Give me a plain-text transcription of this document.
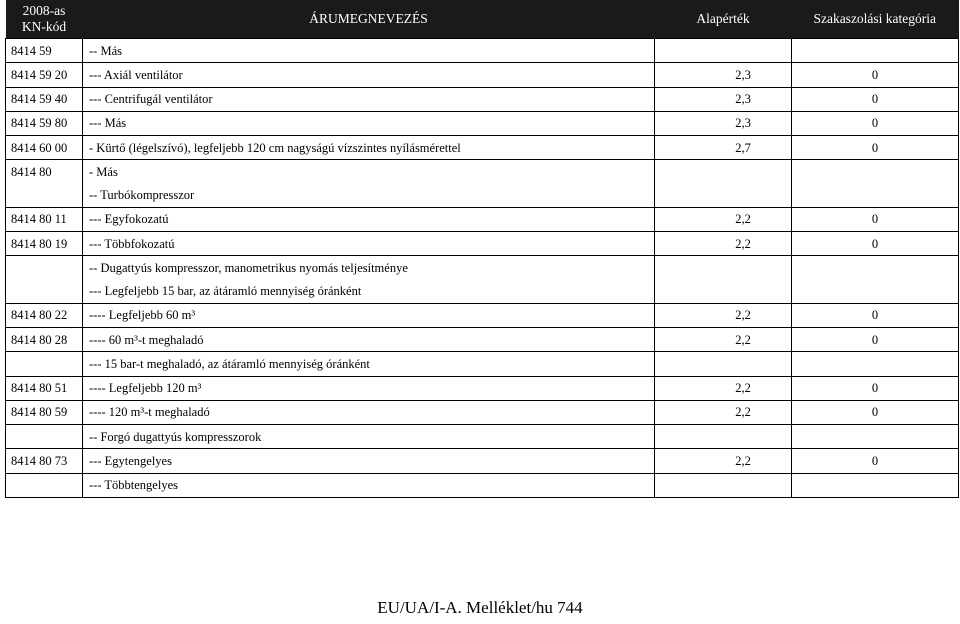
2008-as
KN-kód	ÁRUMEGNEVEZÉS	Alapérték	Szakaszolási kategória
8414 59	-- Más		
8414 59 20	--- Axiál ventilátor	2,3	0
8414 59 40	--- Centrifugál ventilátor	2,3	0
8414 59 80	--- Más	2,3	0
8414 60 00	- Kürtő (légelszívó), legfeljebb 120 cm nagyságú vízszintes nyílásmérettel	2,7	0
8414 80	- Más		
	-- Turbókompresszor		
8414 80 11	--- Egyfokozatú	2,2	0
8414 80 19	--- Többfokozatú	2,2	0
	-- Dugattyús kompresszor, manometrikus nyomás teljesítménye		
	--- Legfeljebb 15 bar, az átáramló mennyiség óránként		
8414 80 22	---- Legfeljebb 60 m³	2,2	0
8414 80 28	---- 60 m³-t meghaladó	2,2	0
	--- 15 bar-t meghaladó, az átáramló mennyiség óránként		
8414 80 51	---- Legfeljebb 120 m³	2,2	0
8414 80 59	---- 120 m³-t meghaladó	2,2	0
	-- Forgó dugattyús kompresszorok		
8414 80 73	--- Egytengelyes	2,2	0
	--- Többtengelyes		
EU/UA/I-A. Melléklet/hu 744
